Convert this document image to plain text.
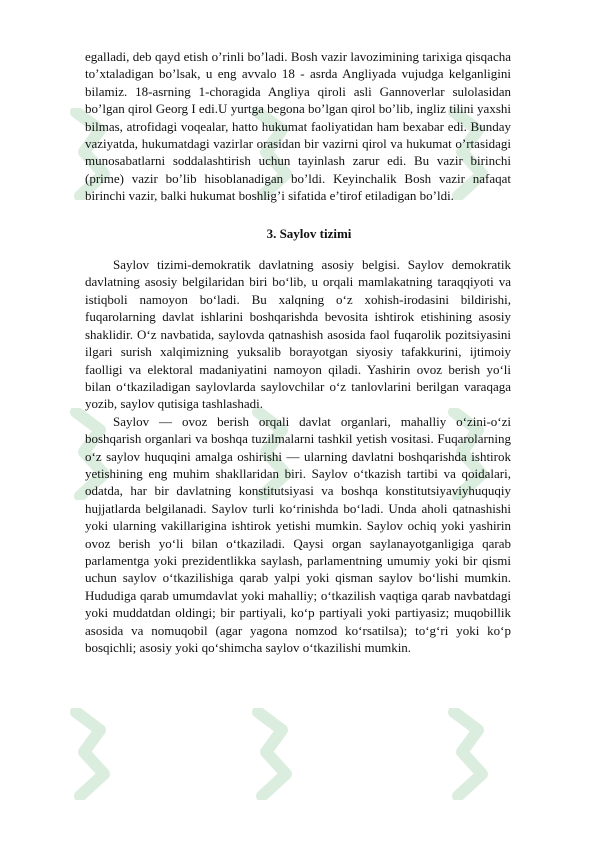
egalladi, deb qayd etish o’rinli bo’ladi. Bosh vazir lavozimining tarixiga qisqacha to’xtaladigan bo’lsak, u eng avvalo 18 - asrda Angliyada vujudga kelganligini bilamiz. 18-asrning 1-choragida Angliya qiroli asli Gannoverlar sulolasidan bo’lgan qirol Georg I edi.U yurtga begona bo’lgan qirol bo’lib, ingliz tilini yaxshi bilmas, atrofidagi voqealar, hatto hukumat faoliyatidan ham bexabar edi. Bunday vaziyatda, hukumatdagi vazirlar orasidan bir vazirni qirol va hukumat o’rtasidagi munosabatlarni soddalashtirish uchun tayinlash zarur edi. Bu vazir birinchi (prime) vazir bo’lib hisoblanadigan bo’ldi. Keyinchalik Bosh vazir nafaqat birinchi vazir, balki hukumat boshlig’i sifatida e’tirof etiladigan bo’ldi.

3. Saylov tizimi

Saylov tizimi-demokratik davlatning asosiy belgisi. Saylov demokratik davlatning asosiy belgilaridan biri bo‘lib, u orqali mamlakatning taraqqiyoti va istiqboli namoyon bo‘ladi. Bu xalqning o‘z xohish-irodasini bildirishi, fuqarolarning davlat ishlarini boshqarishda bevosita ishtirok etishining asosiy shaklidir. O‘z navbatida, saylovda qatnashish asosida faol fuqarolik pozitsiyasini ilgari surish xalqimizning yuksalib borayotgan siyosiy tafakkurini, ijtimoiy faolligi va elektoral madaniyatini namoyon qiladi. Yashirin ovoz berish yo‘li bilan o‘tkaziladigan saylovlarda saylovchilar o‘z tanlovlarini berilgan varaqaga yozib, saylov qutisiga tashlashadi.

Saylov — ovoz berish orqali davlat organlari, mahalliy o‘zini-o‘zi boshqarish organlari va boshqa tuzilmalarni tashkil yetish vositasi. Fuqarolarning o‘z saylov huquqini amalga oshirishi — ularning davlatni boshqarishda ishtirok yetishining eng muhim shakllaridan biri. Saylov o‘tkazish tartibi va qoidalari, odatda, har bir davlatning konstitutsiyasi va boshqa konstitutsiyaviyhuquqiy hujjatlarda belgilanadi. Saylov turli ko‘rinishda bo‘ladi. Unda aholi qatnashishi yoki ularning vakillarigina ishtirok yetishi mumkin. Saylov ochiq yoki yashirin ovoz berish yo‘li bilan o‘tkaziladi. Qaysi organ saylanayotganligiga qarab parlamentga yoki prezidentlikka saylash, parlamentning umumiy yoki bir qismi uchun saylov o‘tkazilishiga qarab yalpi yoki qisman saylov bo‘lishi mumkin. Hududiga qarab umumdavlat yoki mahalliy; o‘tkazilish vaqtiga qarab navbatdagi yoki muddatdan oldingi; bir partiyali, ko‘p partiyali yoki partiyasiz; muqobillik asosida va nomuqobil (agar yagona nomzod ko‘rsatilsa); to‘g‘ri yoki ko‘p bosqichli; asosiy yoki qo‘shimcha saylov o‘tkazilishi mumkin.
